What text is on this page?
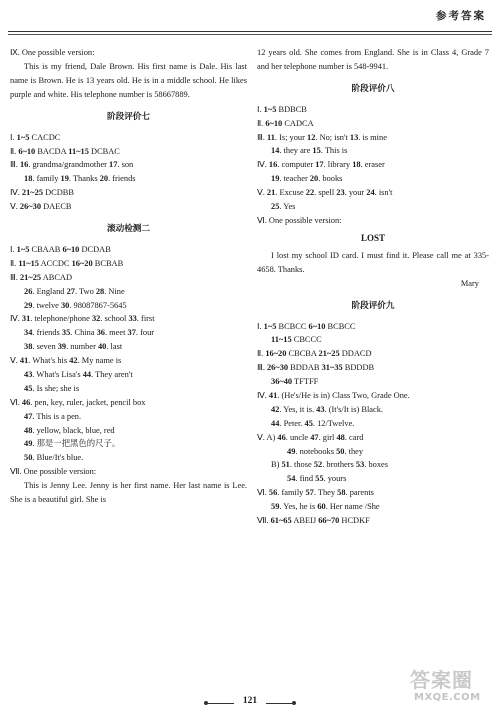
参考答案
Ⅸ. One possible version:
This is my friend, Dale Brown. His first name is Dale. His last name is Brown. He is 13 years old. He is in a middle school. He likes purple and white. His telephone number is 58667889.
阶段评价七
Ⅰ. 1~5 CACDC
Ⅱ. 6~10 BACDA 11~15 DCBAC
Ⅲ. 16. grandma/grandmother 17. son
18. family 19. Thanks 20. friends
Ⅳ. 21~25 DCDBB
Ⅴ. 26~30 DAECB
滚动检测二
Ⅰ. 1~5 CBAAB 6~10 DCDAB
Ⅱ. 11~15 ACCDC 16~20 BCBAB
Ⅲ. 21~25 ABCAD
26. England 27. Two 28. Nine
29. twelve 30. 98087867-5645
Ⅳ. 31. telephone/phone 32. school 33. first
34. friends 35. China 36. meet 37. four
38. seven 39. number 40. last
Ⅴ. 41. What's his 42. My name is
43. What's Lisa's 44. They aren't
45. Is she; she is
Ⅵ. 46. pen, key, ruler, jacket, pencil box
47. This is a pen.
48. yellow, black, blue, red
49. 那是一把黑色的尺子。
50. Blue/It's blue.
Ⅶ. One possible version:
This is Jenny Lee. Jenny is her first name. Her last name is Lee. She is a beautiful girl. She is
12 years old. She comes from England. She is in Class 4, Grade 7 and her telephone number is 548-9941.
阶段评价八
Ⅰ. 1~5 BDBCB
Ⅱ. 6~10 CADCA
Ⅲ. 11. Is; your 12. No; isn't 13. is mine
14. they are 15. This is
Ⅳ. 16. computer 17. library 18. eraser
19. teacher 20. books
Ⅴ. 21. Excuse 22. spell 23. your 24. isn't
25. Yes
Ⅵ. One possible version:
LOST
I lost my school ID card. I must find it. Please call me at 335-4658. Thanks.
Mary
阶段评价九
Ⅰ. 1~5 BCBCC 6~10 BCBCC
11~15 CBCCC
Ⅱ. 16~20 CBCBA 21~25 DDACD
Ⅲ. 26~30 BDDAB 31~35 BDDDB
36~40 TFTFF
Ⅳ. 41. (He's/He is in) Class Two, Grade One.
42. Yes, it is. 43. (It's/It is) Black.
44. Peter. 45. 12/Twelve.
Ⅴ. A) 46. uncle 47. girl 48. card
49. notebooks 50. they
B) 51. those 52. brothers 53. boxes
54. find 55. yours
Ⅵ. 56. family 57. They 58. parents
59. Yes, he is 60. Her name /She
Ⅶ. 61~65 ABEIJ 66~70 HCDKF
121
答案圈
MXQE.COM
